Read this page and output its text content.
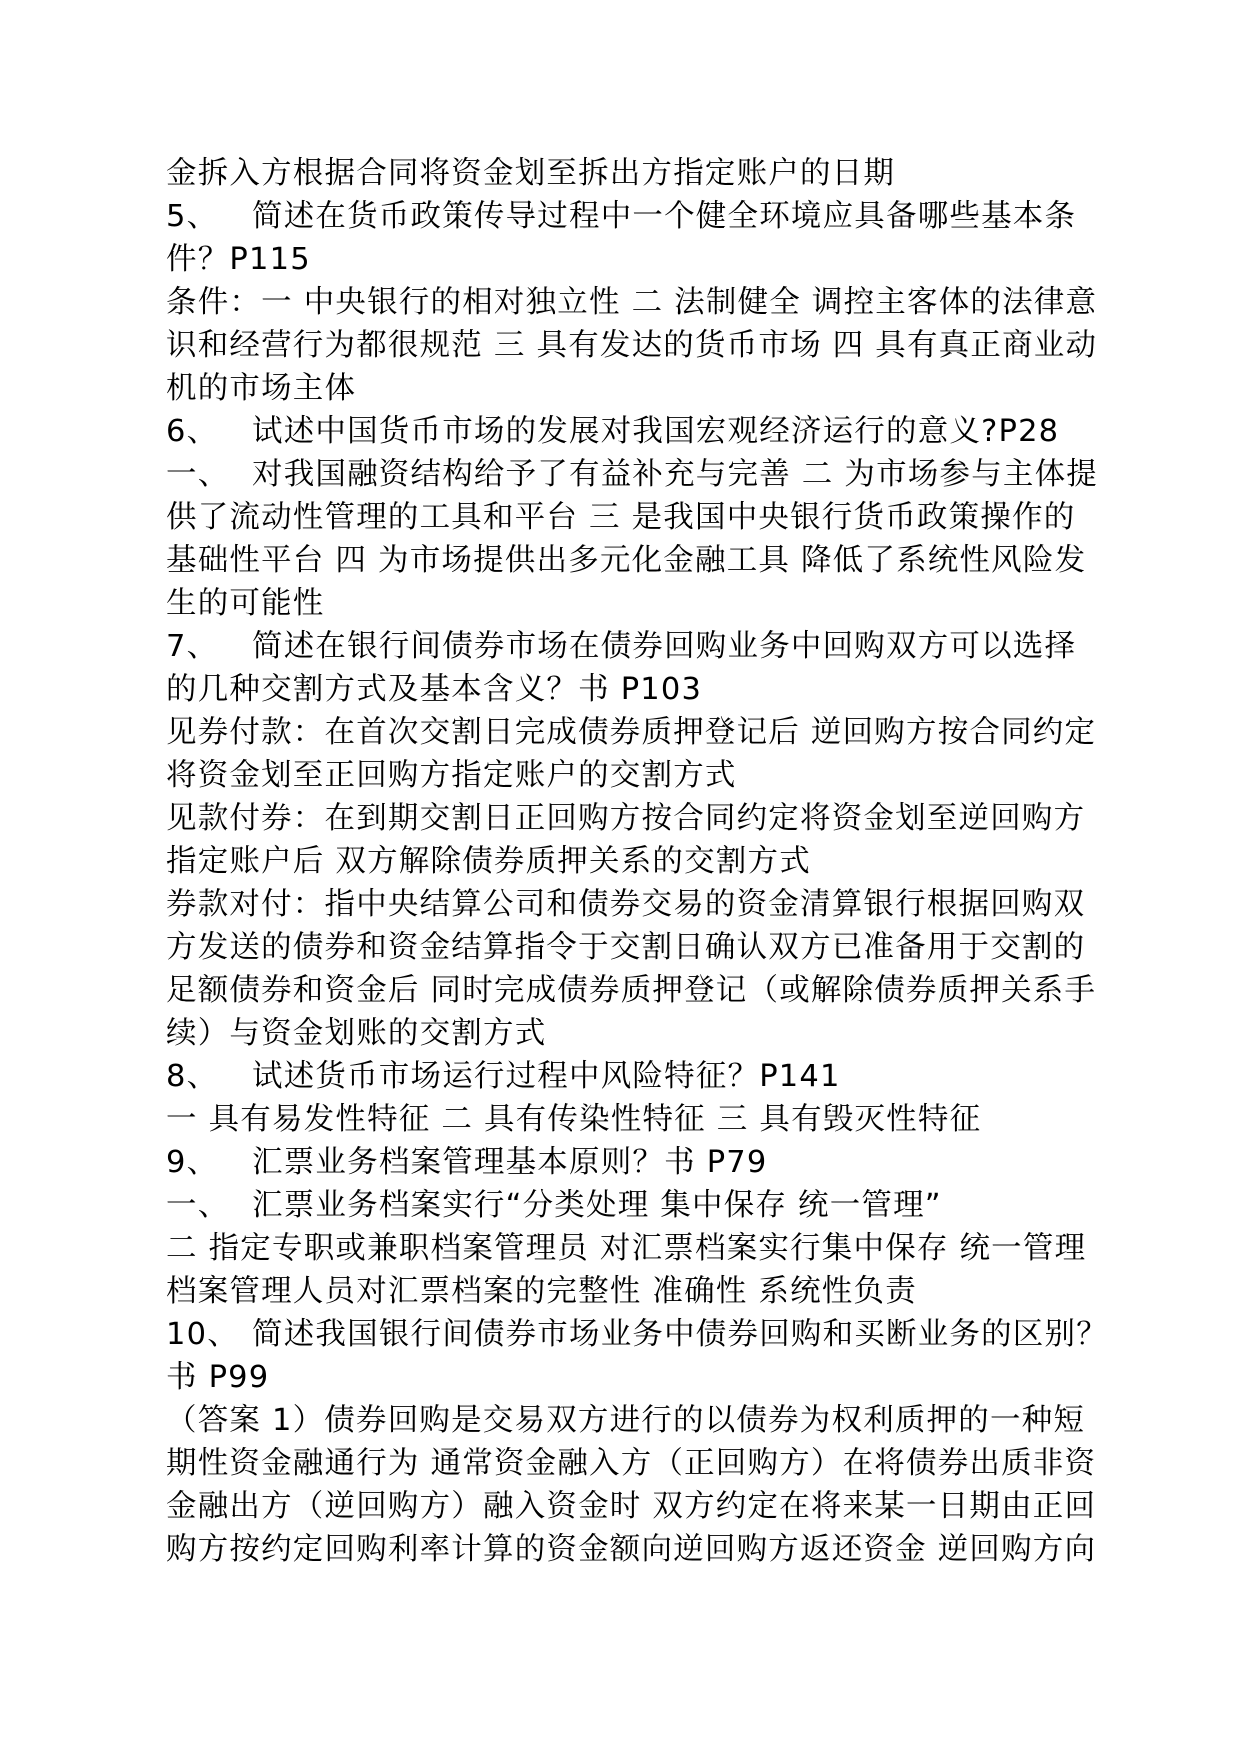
金拆入方根据合同将资金划至拆出方指定账户的日期
5、 简述在货币政策传导过程中一个健全环境应具备哪些基本条
件？P115
条件：一 中央银行的相对独立性 二 法制健全 调控主客体的法律意
识和经营行为都很规范 三 具有发达的货币市场 四 具有真正商业动
机的市场主体
6、 试述中国货币市场的发展对我国宏观经济运行的意义?P28
一、 对我国融资结构给予了有益补充与完善 二 为市场参与主体提
供了流动性管理的工具和平台 三 是我国中央银行货币政策操作的
基础性平台 四 为市场提供出多元化金融工具 降低了系统性风险发
生的可能性
7、 简述在银行间债券市场在债券回购业务中回购双方可以选择
的几种交割方式及基本含义？书 P103
见券付款：在首次交割日完成债券质押登记后 逆回购方按合同约定
将资金划至正回购方指定账户的交割方式
见款付券：在到期交割日正回购方按合同约定将资金划至逆回购方
指定账户后 双方解除债券质押关系的交割方式
券款对付：指中央结算公司和债券交易的资金清算银行根据回购双
方发送的债券和资金结算指令于交割日确认双方已准备用于交割的
足额债券和资金后 同时完成债券质押登记（或解除债券质押关系手
续）与资金划账的交割方式
8、 试述货币市场运行过程中风险特征？P141
一 具有易发性特征 二 具有传染性特征 三 具有毁灭性特征
9、 汇票业务档案管理基本原则？书 P79
一、 汇票业务档案实行“分类处理 集中保存 统一管理”
二 指定专职或兼职档案管理员 对汇票档案实行集中保存 统一管理
档案管理人员对汇票档案的完整性 准确性 系统性负责
10、 简述我国银行间债券市场业务中债券回购和买断业务的区别？
书 P99
（答案 1）债券回购是交易双方进行的以债券为权利质押的一种短
期性资金融通行为 通常资金融入方（正回购方）在将债券出质非资
金融出方（逆回购方）融入资金时 双方约定在将来某一日期由正回
购方按约定回购利率计算的资金额向逆回购方返还资金 逆回购方向
